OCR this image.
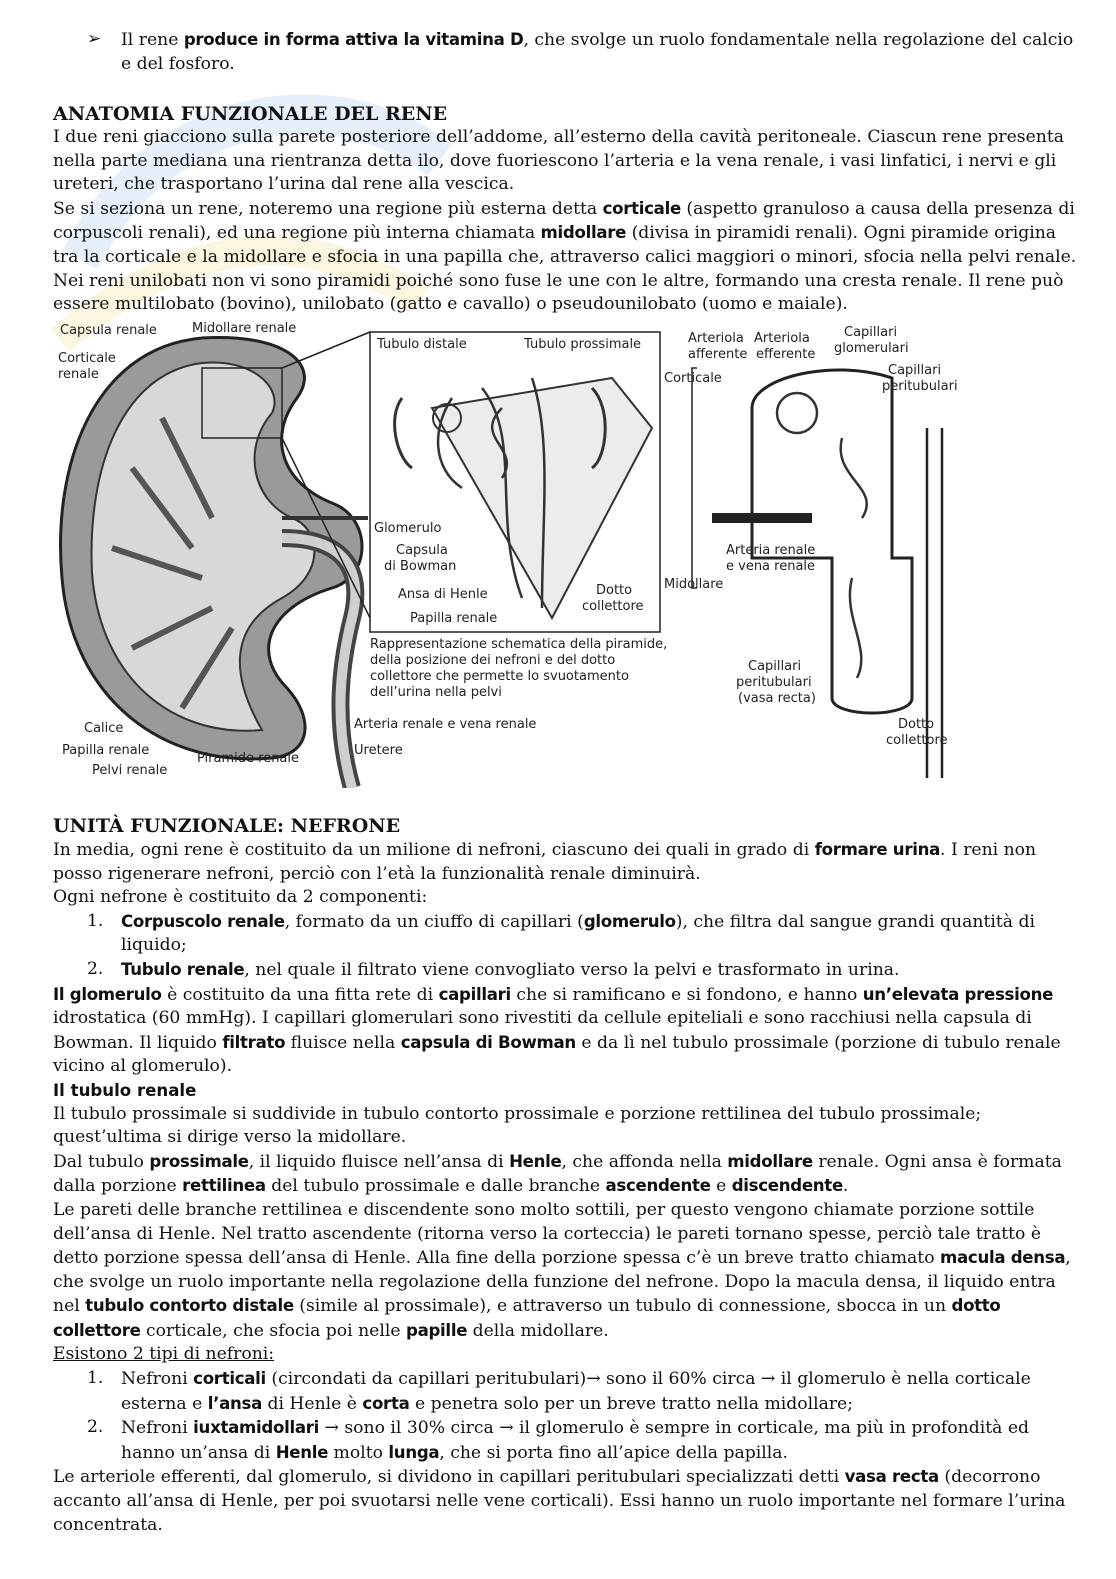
➢ Il rene produce in forma attiva la vitamina D, che svolge un ruolo fondamentale nella regolazione del calcio e del fosforo.

ANATOMIA FUNZIONALE DEL RENE

I due reni giacciono sulla parete posteriore dell’addome, all’esterno della cavità peritoneale. Ciascun rene presenta nella parte mediana una rientranza detta ilo, dove fuoriescono l’arteria e la vena renale, i vasi linfatici, i nervi e gli ureteri, che trasportano l’urina dal rene alla vescica.

Se si seziona un rene, noteremo una regione più esterna detta corticale (aspetto granuloso a causa della presenza di corpuscoli renali), ed una regione più interna chiamata midollare (divisa in piramidi renali). Ogni piramide origina tra la corticale e la midollare e sfocia in una papilla che, attraverso calici maggiori o minori, sfocia nella pelvi renale. Nei reni unilobati non vi sono piramidi poiché sono fuse le une con le altre, formando una cresta renale. Il rene può essere multilobato (bovino), unilobato (gatto e cavallo) o pseudounilobato (uomo e maiale).

Capsula renale	Midollare renale
Corticale
renale
Calice
Papilla renale
Pelvi renale
Piramide renale
Arteria renale e vena renale
Uretere
Tubulo distale	Tubulo prossimale
Glomerulo
Capsula
di Bowman
Ansa di Henle	Dotto
collettore
Papilla renale
Rappresentazione schematica della piramide,
della posizione dei nefroni e del dotto
collettore che permette lo svuotamento
dell’urina nella pelvi
Arteriola
afferente
Arteriola
efferente
Capillari
glomerulari
Capillari
peritubulari
Corticale
Midollare
Arteria renale
e vena renale
Capillari
peritubulari
(vasa recta)
Dotto
collettore
UNITÀ FUNZIONALE: NEFRONE

In media, ogni rene è costituito da un milione di nefroni, ciascuno dei quali in grado di formare urina. I reni non posso rigenerare nefroni, perciò con l’età la funzionalità renale diminuirà.

Ogni nefrone è costituito da 2 componenti:

1. Corpuscolo renale, formato da un ciuffo di capillari (glomerulo), che filtra dal sangue grandi quantità di liquido;

2. Tubulo renale, nel quale il filtrato viene convogliato verso la pelvi e trasformato in urina.

Il glomerulo è costituito da una fitta rete di capillari che si ramificano e si fondono, e hanno un’elevata pressione idrostatica (60 mmHg). I capillari glomerulari sono rivestiti da cellule epiteliali e sono racchiusi nella capsula di Bowman. Il liquido filtrato fluisce nella capsula di Bowman e da lì nel tubulo prossimale (porzione di tubulo renale vicino al glomerulo).

Il tubulo renale

Il tubulo prossimale si suddivide in tubulo contorto prossimale e porzione rettilinea del tubulo prossimale; quest’ultima si dirige verso la midollare.

Dal tubulo prossimale, il liquido fluisce nell’ansa di Henle, che affonda nella midollare renale. Ogni ansa è formata dalla porzione rettilinea del tubulo prossimale e dalle branche ascendente e discendente.

Le pareti delle branche rettilinea e discendente sono molto sottili, per questo vengono chiamate porzione sottile dell’ansa di Henle. Nel tratto ascendente (ritorna verso la cortecciа) le pareti tornano spesse, perciò tale tratto è detto porzione spessa dell’ansa di Henle. Alla fine della porzione spessa c’è un breve tratto chiamato macula densa, che svolge un ruolo importante nella regolazione della funzione del nefrone. Dopo la macula densa, il liquido entra nel tubulo contorto distale (simile al prossimale), e attraverso un tubulo di connessione, sbocca in un dotto collettore corticale, che sfocia poi nelle papille della midollare.

Esistono 2 tipi di nefroni:

1. Nefroni corticali (circondati da capillari peritubulari)→ sono il 60% circa → il glomerulo è nella corticale esterna e l’ansa di Henle è corta e penetra solo per un breve tratto nella midollare;

2. Nefroni iuxtamidollari → sono il 30% circa → il glomerulo è sempre in corticale, ma più in profondità ed hanno un’ansa di Henle molto lunga, che si porta fino all’apice della papilla.

Le arteriole efferenti, dal glomerulo, si dividono in capillari peritubulari specializzati detti vasa recta (decorrono accanto all’ansa di Henle, per poi svuotarsi nelle vene corticali). Essi hanno un ruolo importante nel formare l’urina concentrata.
